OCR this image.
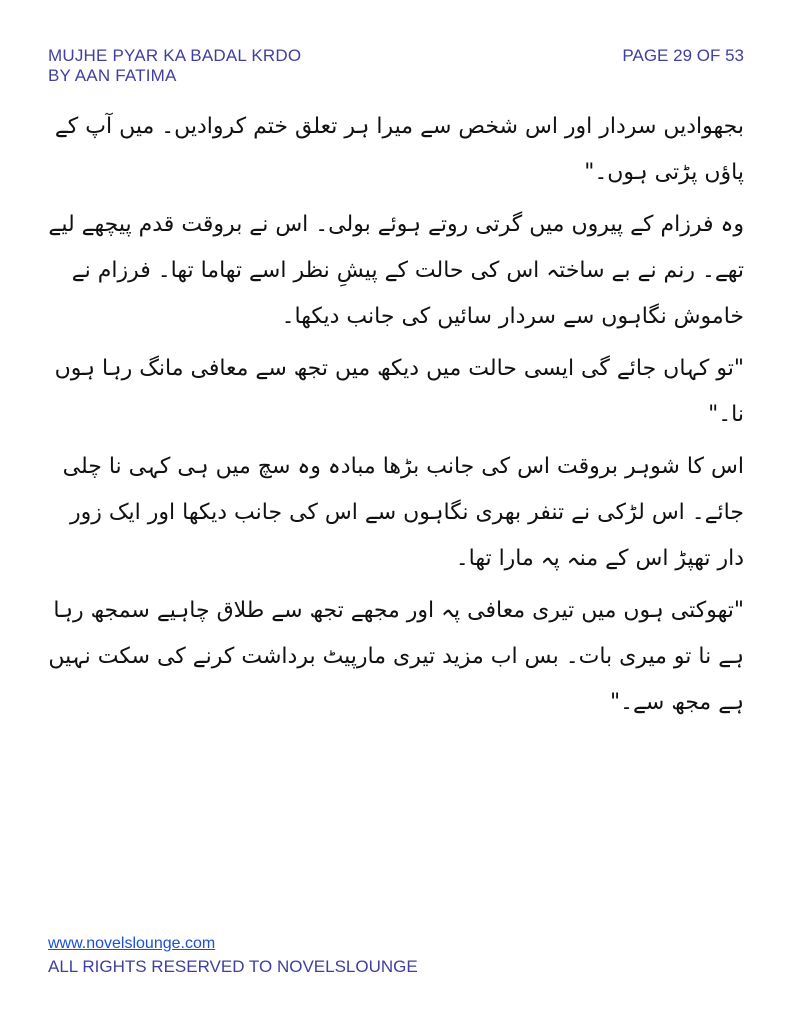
MUJHE PYAR KA BADAL KRDO
BY AAN FATIMA
PAGE 29 OF 53

بجھوادیں سردار اور اس شخص سے میرا ہر تعلق ختم کروادیں۔ میں آپ کے پاؤں پڑتی ہوں۔"

وہ فرزام کے پیروں میں گرتی روتے ہوئے بولی۔ اس نے بروقت قدم پیچھے لیے تھے۔ رنم نے بے ساختہ اس کی حالت کے پیشِ نظر اسے تھاما تھا۔ فرزام نے خاموش نگاہوں سے سردار سائیں کی جانب دیکھا۔

"تو کہاں جائے گی ایسی حالت میں دیکھ میں تجھ سے معافی مانگ رہا ہوں نا۔"

اس کا شوہر بروقت اس کی جانب بڑھا مبادہ وہ سچ میں ہی کہی نا چلی جائے۔ اس لڑکی نے تنفر بھری نگاہوں سے اس کی جانب دیکھا اور ایک زور دار تھپڑ اس کے منہ پہ مارا تھا۔

"تھوکتی ہوں میں تیری معافی پہ اور مجھے تجھ سے طلاق چاہیے سمجھ رہا ہے نا تو میری بات۔ بس اب مزید تیری مارپیٹ برداشت کرنے کی سکت نہیں ہے مجھ سے۔"

www.novelslounge.com
ALL RIGHTS RESERVED TO NOVELSLOUNGE
